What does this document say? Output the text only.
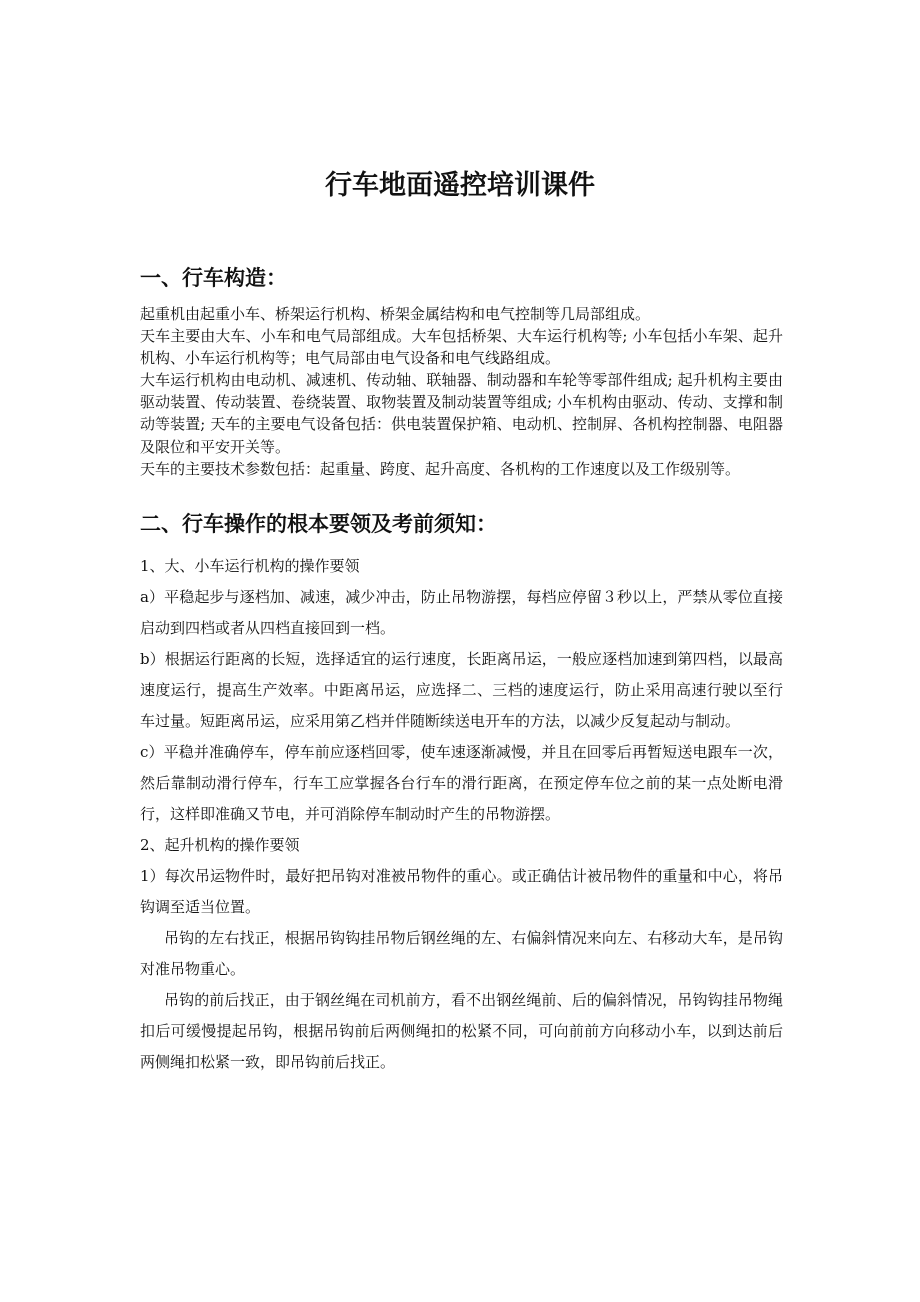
行车地面遥控培训课件
一、行车构造：

起重机由起重小车、桥架运行机构、桥架金属结构和电气控制等几局部组成。

天车主要由大车、小车和电气局部组成。大车包括桥架、大车运行机构等; 小车包括小车架、起升机构、小车运行机构等；电气局部由电气设备和电气线路组成。

大车运行机构由电动机、减速机、传动轴、联轴器、制动器和车轮等零部件组成; 起升机构主要由驱动装置、传动装置、卷绕装置、取物装置及制动装置等组成; 小车机构由驱动、传动、支撑和制动等装置; 天车的主要电气设备包括：供电装置保护箱、电动机、控制屏、各机构控制器、电阻器及限位和平安开关等。

天车的主要技术参数包括：起重量、跨度、起升高度、各机构的工作速度以及工作级别等。

二、行车操作的根本要领及考前须知：

1、大、小车运行机构的操作要领

a）平稳起步与逐档加、减速，减少冲击，防止吊物游摆，每档应停留３秒以上，严禁从零位直接启动到四档或者从四档直接回到一档。

b）根据运行距离的长短，选择适宜的运行速度，长距离吊运，一般应逐档加速到第四档，以最高速度运行，提高生产效率。中距离吊运，应选择二、三档的速度运行，防止采用高速行驶以至行车过量。短距离吊运，应采用第乙档并伴随断续送电开车的方法，以减少反复起动与制动。

c）平稳并准确停车，停车前应逐档回零，使车速逐渐减慢，并且在回零后再暂短送电跟车一次，然后靠制动滑行停车，行车工应掌握各台行车的滑行距离，在预定停车位之前的某一点处断电滑行，这样即准确又节电，并可消除停车制动时产生的吊物游摆。

2、起升机构的操作要领

1）每次吊运物件时，最好把吊钩对准被吊物件的重心。或正确估计被吊物件的重量和中心，将吊钩调至适当位置。

吊钩的左右找正，根据吊钩钩挂吊物后钢丝绳的左、右偏斜情况来向左、右移动大车，是吊钩对准吊物重心。

吊钩的前后找正，由于钢丝绳在司机前方，看不出钢丝绳前、后的偏斜情况，吊钩钩挂吊物绳扣后可缓慢提起吊钩，根据吊钩前后两侧绳扣的松紧不同，可向前前方向移动小车，以到达前后两侧绳扣松紧一致，即吊钩前后找正。
